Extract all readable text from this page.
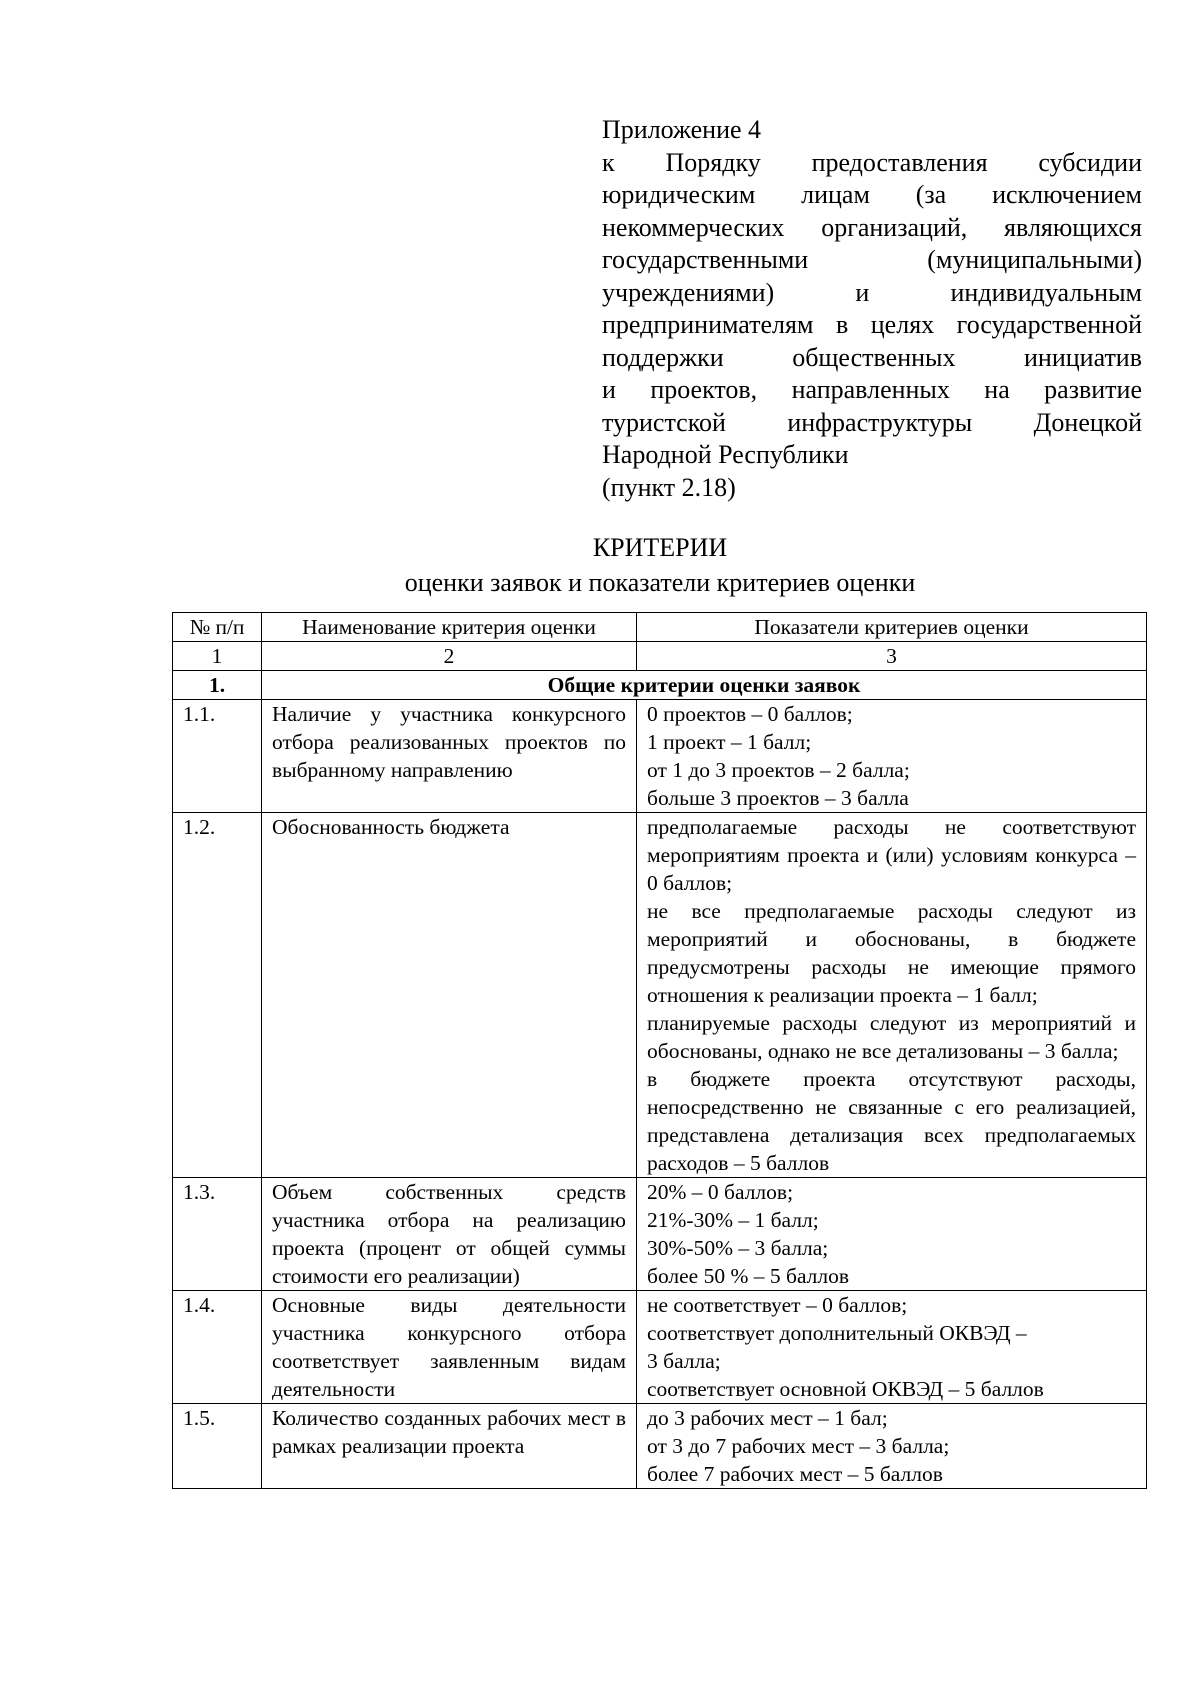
Приложение 4
к Порядку предоставления субсидии
юридическим лицам (за исключением
некоммерческих организаций, являющихся
государственными (муниципальными)
учреждениями) и индивидуальным
предпринимателям в целях государственной
поддержки общественных инициатив
и проектов, направленных на развитие
туристской инфраструктуры Донецкой
Народной Республики
(пункт 2.18)
КРИТЕРИИ
оценки заявок и показатели критериев оценки
№ п/п	Наименование критерия оценки	Показатели критериев оценки
1	2	3
1.	Общие критерии оценки заявок	
1.1.	Наличие у участника конкурсного отбора реализованных проектов по выбранному направлению	0 проектов – 0 баллов;
1 проект – 1 балл;
от 1 до 3 проектов – 2 балла;
больше 3 проектов – 3 балла

1.2.	Обоснованность бюджета	предполагаемые расходы не соответствуют мероприятиям проекта и (или) условиям конкурса – 0 баллов;
не все предполагаемые расходы следуют из мероприятий и обоснованы, в бюджете предусмотрены расходы не имеющие прямого отношения к реализации проекта – 1 балл;
планируемые расходы следуют из мероприятий и обоснованы, однако не все детализованы – 3 балла;
в бюджете проекта отсутствуют расходы, непосредственно не связанные с его реализацией, представлена детализация всех предполагаемых расходов – 5 баллов

1.3.	Объем собственных средств участника отбора на реализацию проекта (процент от общей суммы стоимости его реализации)	20% – 0 баллов;
21%-30% – 1 балл;
30%-50% – 3 балла;
более 50 % – 5 баллов

1.4.	Основные виды деятельности участника конкурсного отбора соответствует заявленным видам деятельности	не соответствует – 0 баллов;
соответствует дополнительный ОКВЭД –
3 балла;
соответствует основной ОКВЭД – 5 баллов

1.5.	Количество созданных рабочих мест в рамках реализации проекта	до 3 рабочих мест – 1 бал;
от 3 до 7 рабочих мест – 3 балла;
более 7 рабочих мест – 5 баллов
